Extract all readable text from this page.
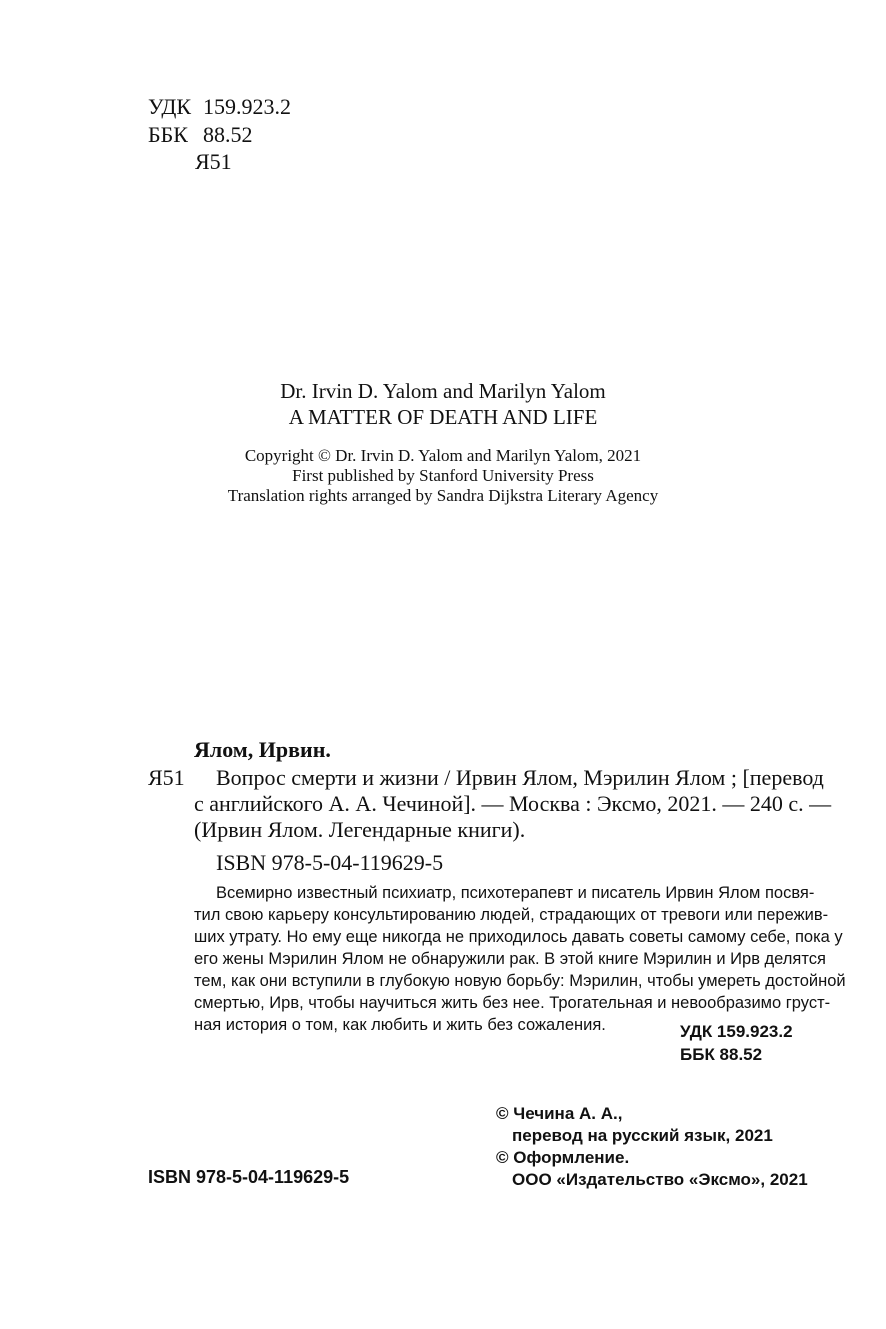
УДК 159.923.2
ББК 88.52
Я51
Dr. Irvin D. Yalom and Marilyn Yalom
A MATTER OF DEATH AND LIFE
Copyright © Dr. Irvin D. Yalom and Marilyn Yalom, 2021
First published by Stanford University Press
Translation rights arranged by Sandra Dijkstra Literary Agency
Ялом, Ирвин.
Я51 Вопрос смерти и жизни / Ирвин Ялом, Мэрилин Ялом ; [перевод
с английского А. А. Чечиной]. — Москва : Эксмо, 2021. — 240 с. —
(Ирвин Ялом. Легендарные книги).
ISBN 978-5-04-119629-5
Всемирно известный психиатр, психотерапевт и писатель Ирвин Ялом посвя-
тил свою карьеру консультированию людей, страдающих от тревоги или пережив-
ших утрату. Но ему еще никогда не приходилось давать советы самому себе, пока у
его жены Мэрилин Ялом не обнаружили рак. В этой книге Мэрилин и Ирв делятся
тем, как они вступили в глубокую новую борьбу: Мэрилин, чтобы умереть достойной
смертью, Ирв, чтобы научиться жить без нее. Трогательная и невообразимо груст-
ная история о том, как любить и жить без сожаления.	УДК 159.923.2
ББК 88.52
© Чечина А. А.,
перевод на русский язык, 2021
© Оформление.
ООО «Издательство «Эксмо», 2021
ISBN 978-5-04-119629-5
